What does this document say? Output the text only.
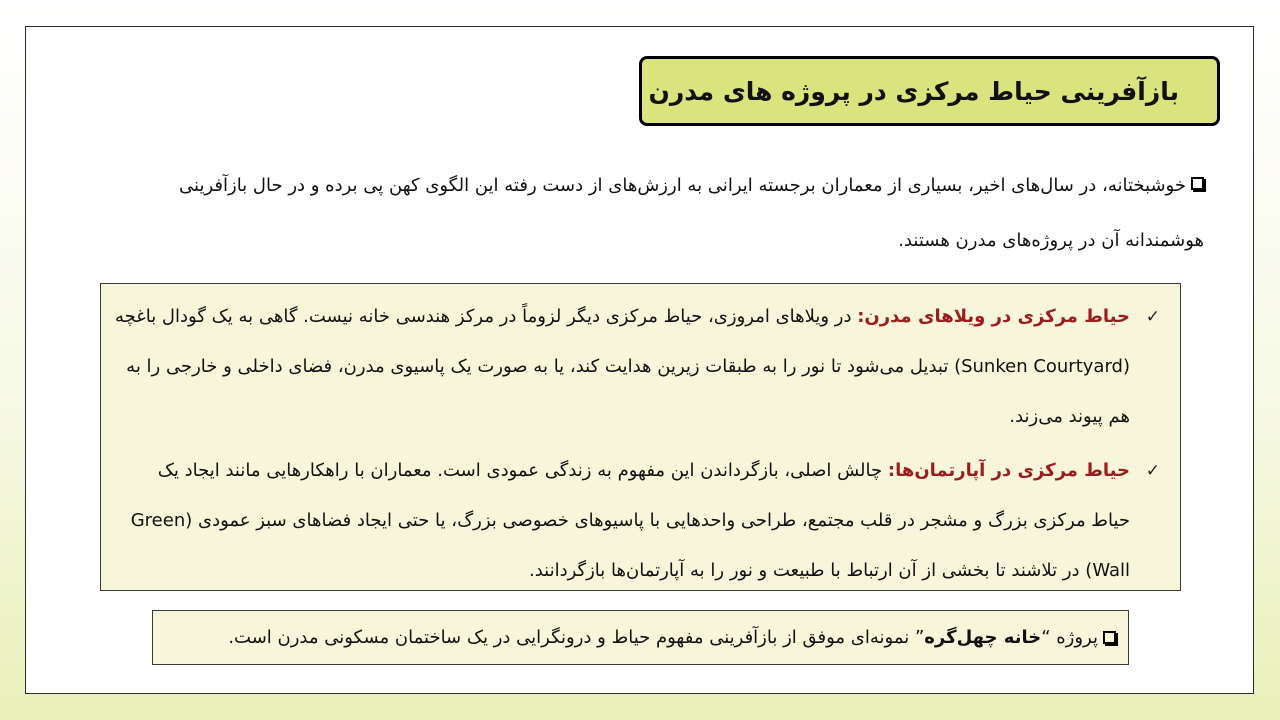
بازآفرینی حیاط مرکزی در پروژه های مدرن
خوشبختانه، در سال‌های اخیر، بسیاری از معماران برجسته ایرانی به ارزش‌های از دست رفته این الگوی کهن پی برده و در حال بازآفرینی هوشمندانه آن در پروژه‌های مدرن هستند.
✓
حیاط مرکزی در ویلاهای مدرن: در ویلاهای امروزی، حیاط مرکزی دیگر لزوماً در مرکز هندسی خانه نیست. گاهی به یک گودال باغچه (Sunken Courtyard) تبدیل می‌شود تا نور را به طبقات زیرین هدایت کند، یا به صورت یک پاسیوی مدرن، فضای داخلی و خارجی را به هم پیوند می‌زند.
✓
حیاط مرکزی در آپارتمان‌ها: چالش اصلی، بازگرداندن این مفهوم به زندگی عمودی است. معماران با راهکارهایی مانند ایجاد یک حیاط مرکزی بزرگ و مشجر در قلب مجتمع، طراحی واحدهایی با پاسیوهای خصوصی بزرگ، یا حتی ایجاد فضاهای سبز عمودی (Green Wall) در تلاشند تا بخشی از آن ارتباط با طبیعت و نور را به آپارتمان‌ها بازگردانند.
پروژه “
خانه چهل‌گره
” نمونه‌ای موفق از بازآفرینی مفهوم حیاط و درونگرایی در یک ساختمان مسکونی مدرن است.
